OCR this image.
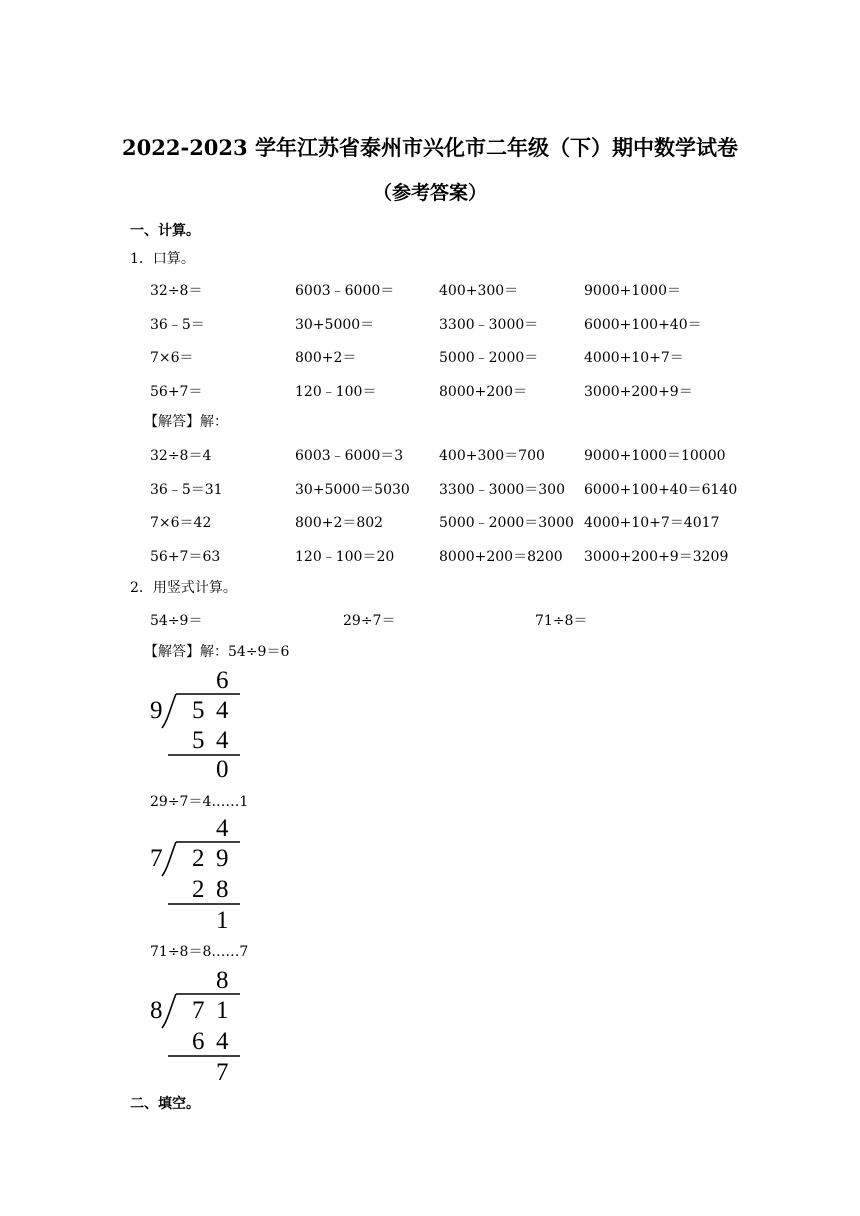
2022-2023 学年江苏省泰州市兴化市二年级（下）期中数学试卷
（参考答案）
一、计算。
1．口算。
32÷8＝	6003﹣6000＝	400+300＝	9000+1000＝
36﹣5＝	30+5000＝	3300﹣3000＝	6000+100+40＝
7×6＝	800+2＝	5000﹣2000＝	4000+10+7＝
56+7＝	120﹣100＝	8000+200＝	3000+200+9＝
【解答】解：
32÷8＝4	6003﹣6000＝3	400+300＝700	9000+1000＝10000
36﹣5＝31	30+5000＝5030 3300﹣3000＝300 6000+100+40＝6140
7×6＝42	800+2＝802	5000﹣2000＝3000 4000+10+7＝4017
56+7＝63	120﹣100＝20	8000+200＝8200 3000+200+9＝3209
2．用竖式计算。
54÷9＝	29÷7＝	71÷8＝
【解答】解：54÷9＝6
6
9 5 4
5 4
0
29÷7＝4……1
4
7 2 9
2 8
1
71÷8＝8……7
8
8 7 1
6 4
7
二、填空。
